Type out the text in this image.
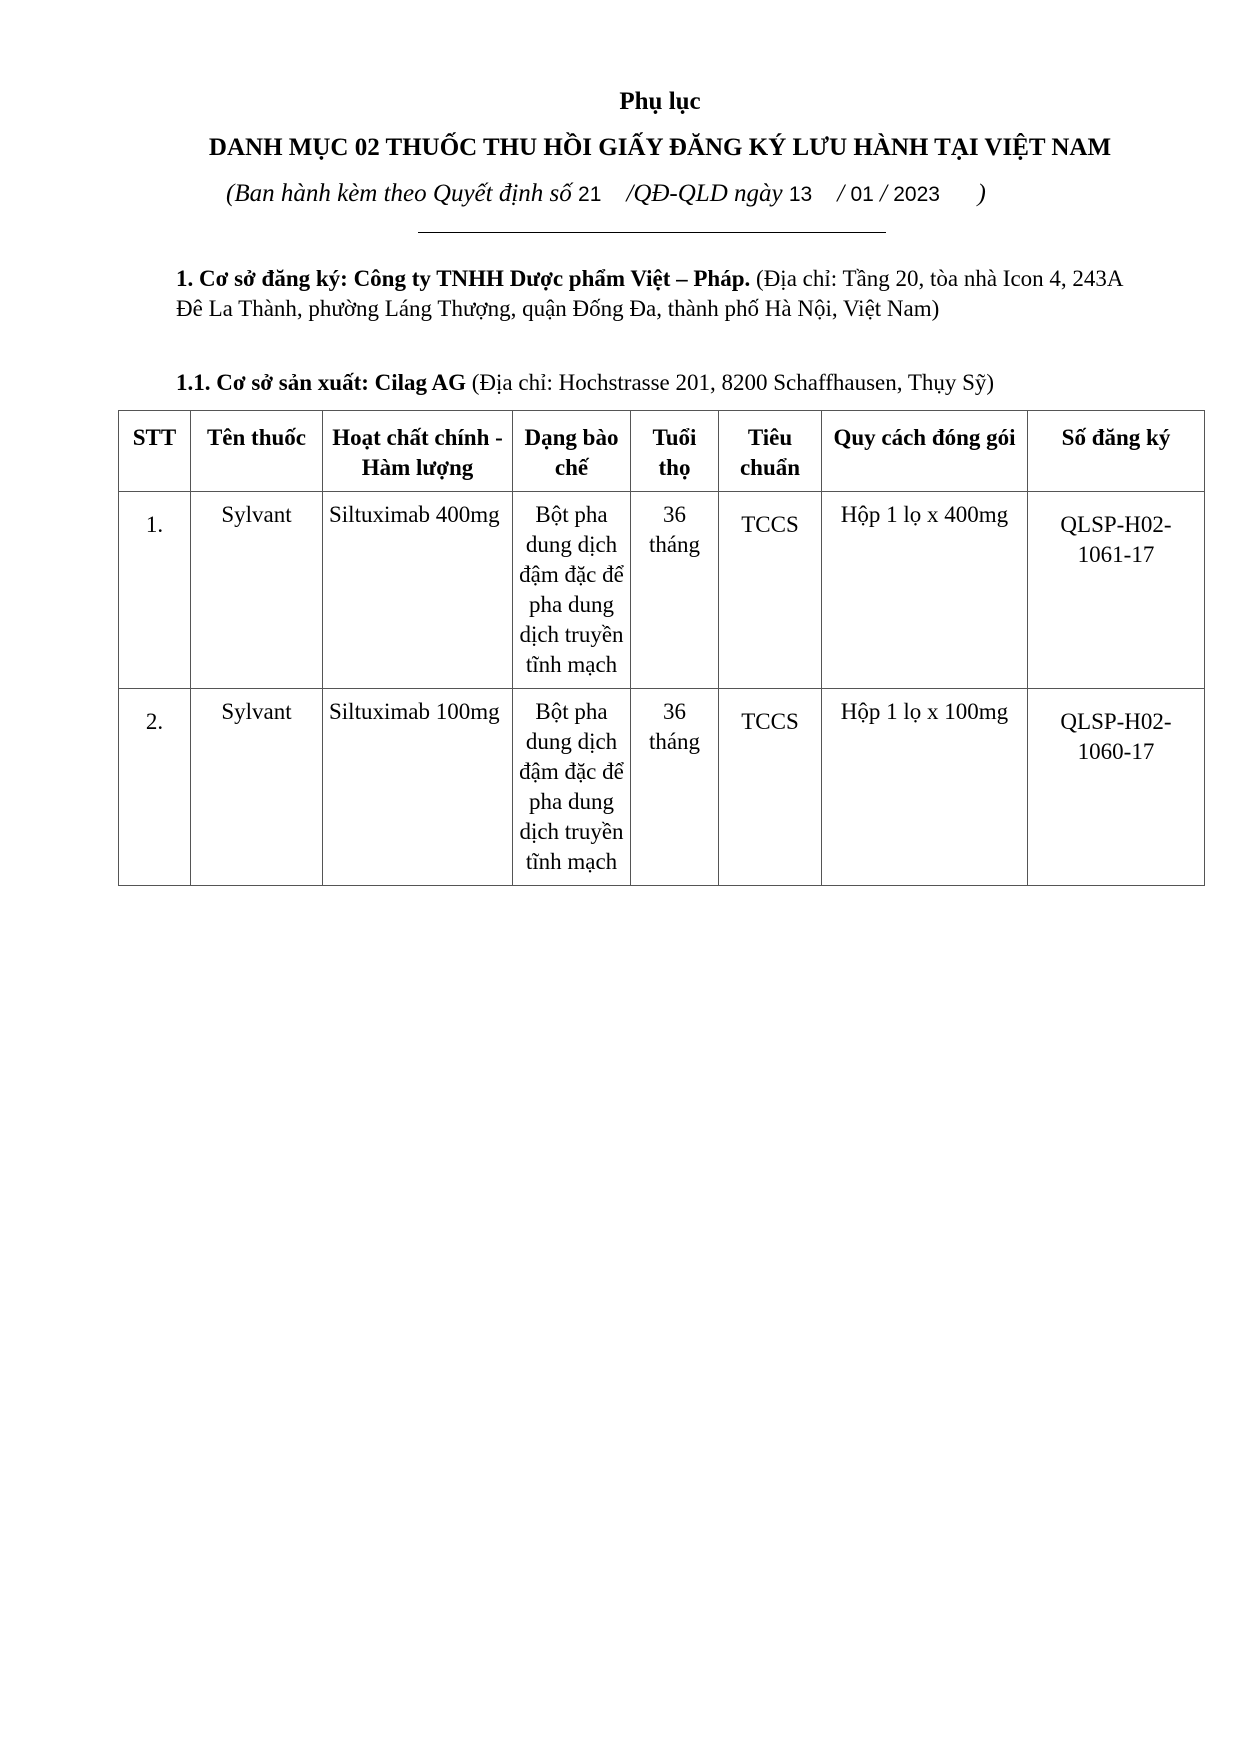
Phụ lục
DANH MỤC 02 THUỐC THU HỒI GIẤY ĐĂNG KÝ LƯU HÀNH TẠI VIỆT NAM
(Ban hành kèm theo Quyết định số 21 /QĐ-QLD ngày 13 / 01 / 2023 )
1. Cơ sở đăng ký: Công ty TNHH Dược phẩm Việt – Pháp. (Địa chỉ: Tầng 20, tòa nhà Icon 4, 243A Đê La Thành, phường Láng Thượng, quận Đống Đa, thành phố Hà Nội, Việt Nam)
1.1. Cơ sở sản xuất: Cilag AG (Địa chỉ: Hochstrasse 201, 8200 Schaffhausen, Thụy Sỹ)
STT	Tên thuốc	Hoạt chất chính - Hàm lượng	Dạng bào chế	Tuổi thọ	Tiêu chuẩn	Quy cách đóng gói	Số đăng ký
1.	Sylvant	Siltuximab 400mg	Bột pha dung dịch đậm đặc để pha dung dịch truyền tĩnh mạch	36 tháng	TCCS	Hộp 1 lọ x 400mg	QLSP-H02-1061-17
2.	Sylvant	Siltuximab 100mg	Bột pha dung dịch đậm đặc để pha dung dịch truyền tĩnh mạch	36 tháng	TCCS	Hộp 1 lọ x 100mg	QLSP-H02-1060-17
